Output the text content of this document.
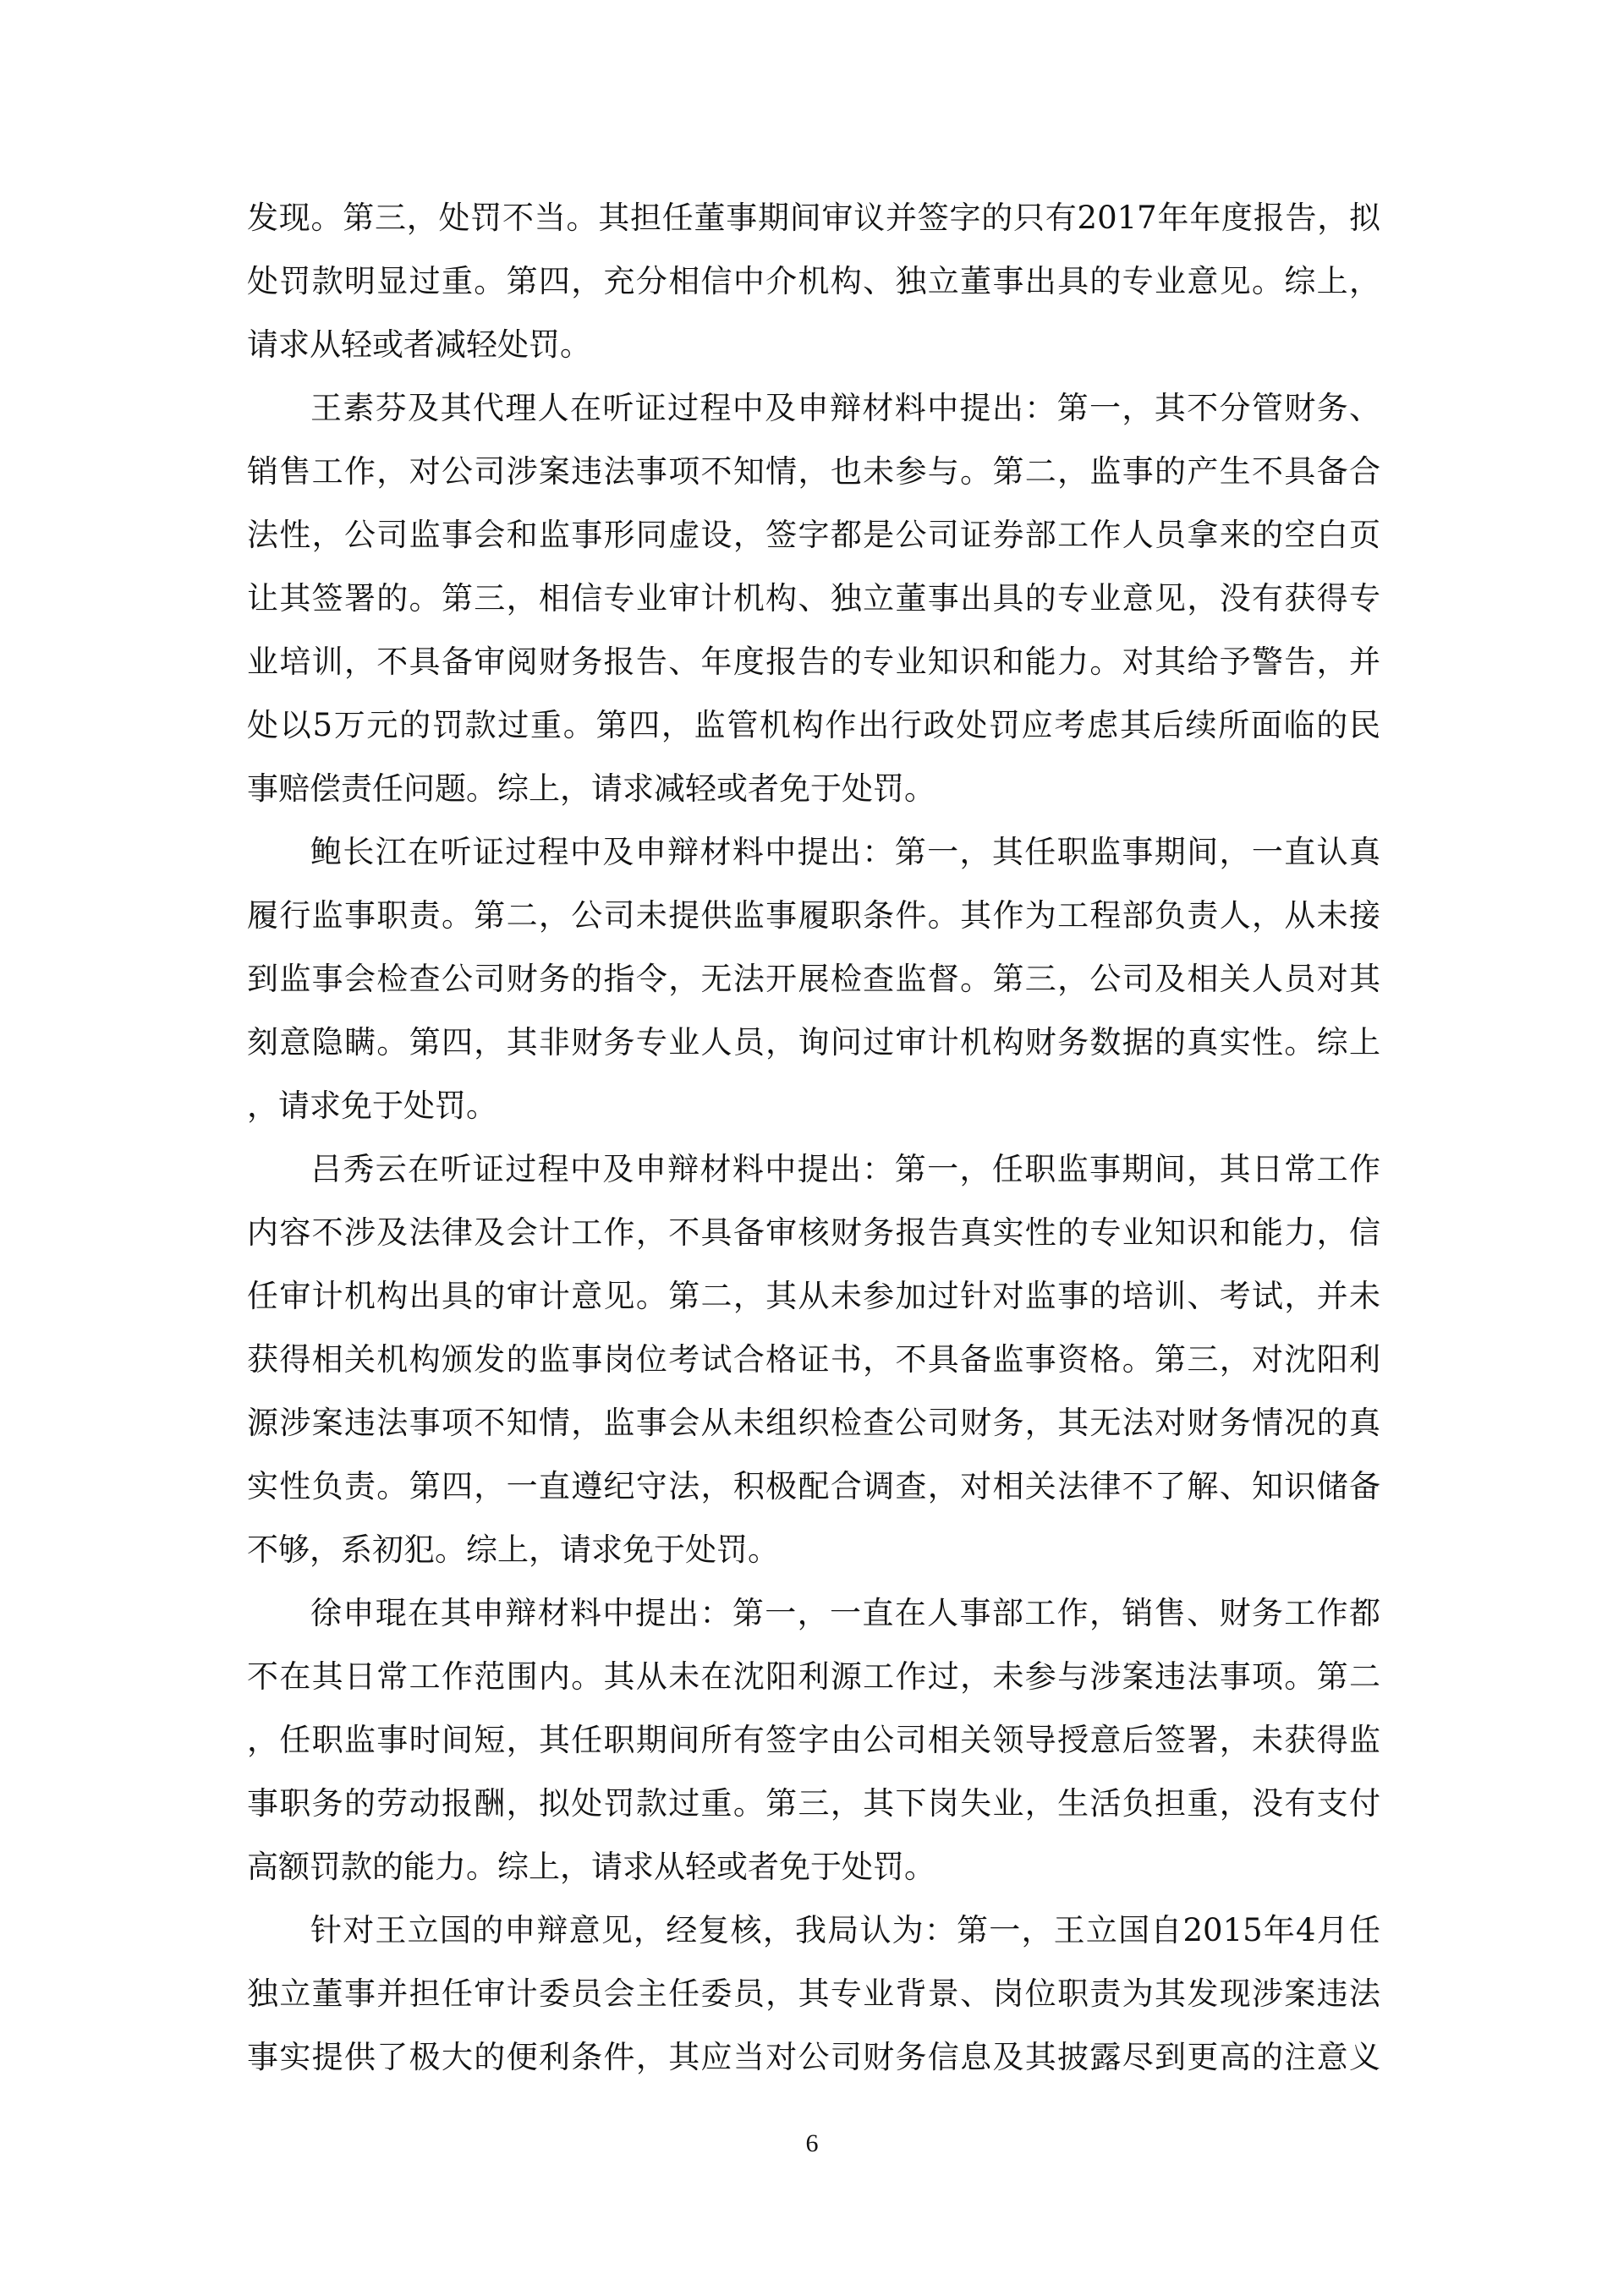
发现。第三，处罚不当。其担任董事期间审议并签字的只有2017年年度报告，拟
处罚款明显过重。第四，充分相信中介机构、独立董事出具的专业意见。综上，
请求从轻或者减轻处罚。
王素芬及其代理人在听证过程中及申辩材料中提出：第一，其不分管财务、
销售工作，对公司涉案违法事项不知情，也未参与。第二，监事的产生不具备合
法性，公司监事会和监事形同虚设，签字都是公司证券部工作人员拿来的空白页
让其签署的。第三，相信专业审计机构、独立董事出具的专业意见，没有获得专
业培训，不具备审阅财务报告、年度报告的专业知识和能力。对其给予警告，并
处以5万元的罚款过重。第四，监管机构作出行政处罚应考虑其后续所面临的民
事赔偿责任问题。综上，请求减轻或者免于处罚。
鲍长江在听证过程中及申辩材料中提出：第一，其任职监事期间，一直认真
履行监事职责。第二，公司未提供监事履职条件。其作为工程部负责人，从未接
到监事会检查公司财务的指令，无法开展检查监督。第三，公司及相关人员对其
刻意隐瞒。第四，其非财务专业人员，询问过审计机构财务数据的真实性。综上
，请求免于处罚。
吕秀云在听证过程中及申辩材料中提出：第一，任职监事期间，其日常工作
内容不涉及法律及会计工作，不具备审核财务报告真实性的专业知识和能力，信
任审计机构出具的审计意见。第二，其从未参加过针对监事的培训、考试，并未
获得相关机构颁发的监事岗位考试合格证书，不具备监事资格。第三，对沈阳利
源涉案违法事项不知情，监事会从未组织检查公司财务，其无法对财务情况的真
实性负责。第四，一直遵纪守法，积极配合调查，对相关法律不了解、知识储备
不够，系初犯。综上，请求免于处罚。
徐申琨在其申辩材料中提出：第一，一直在人事部工作，销售、财务工作都
不在其日常工作范围内。其从未在沈阳利源工作过，未参与涉案违法事项。第二
，任职监事时间短，其任职期间所有签字由公司相关领导授意后签署，未获得监
事职务的劳动报酬，拟处罚款过重。第三，其下岗失业，生活负担重，没有支付
高额罚款的能力。综上，请求从轻或者免于处罚。
针对王立国的申辩意见，经复核，我局认为：第一，王立国自2015年4月任
独立董事并担任审计委员会主任委员，其专业背景、岗位职责为其发现涉案违法
事实提供了极大的便利条件，其应当对公司财务信息及其披露尽到更高的注意义
6
